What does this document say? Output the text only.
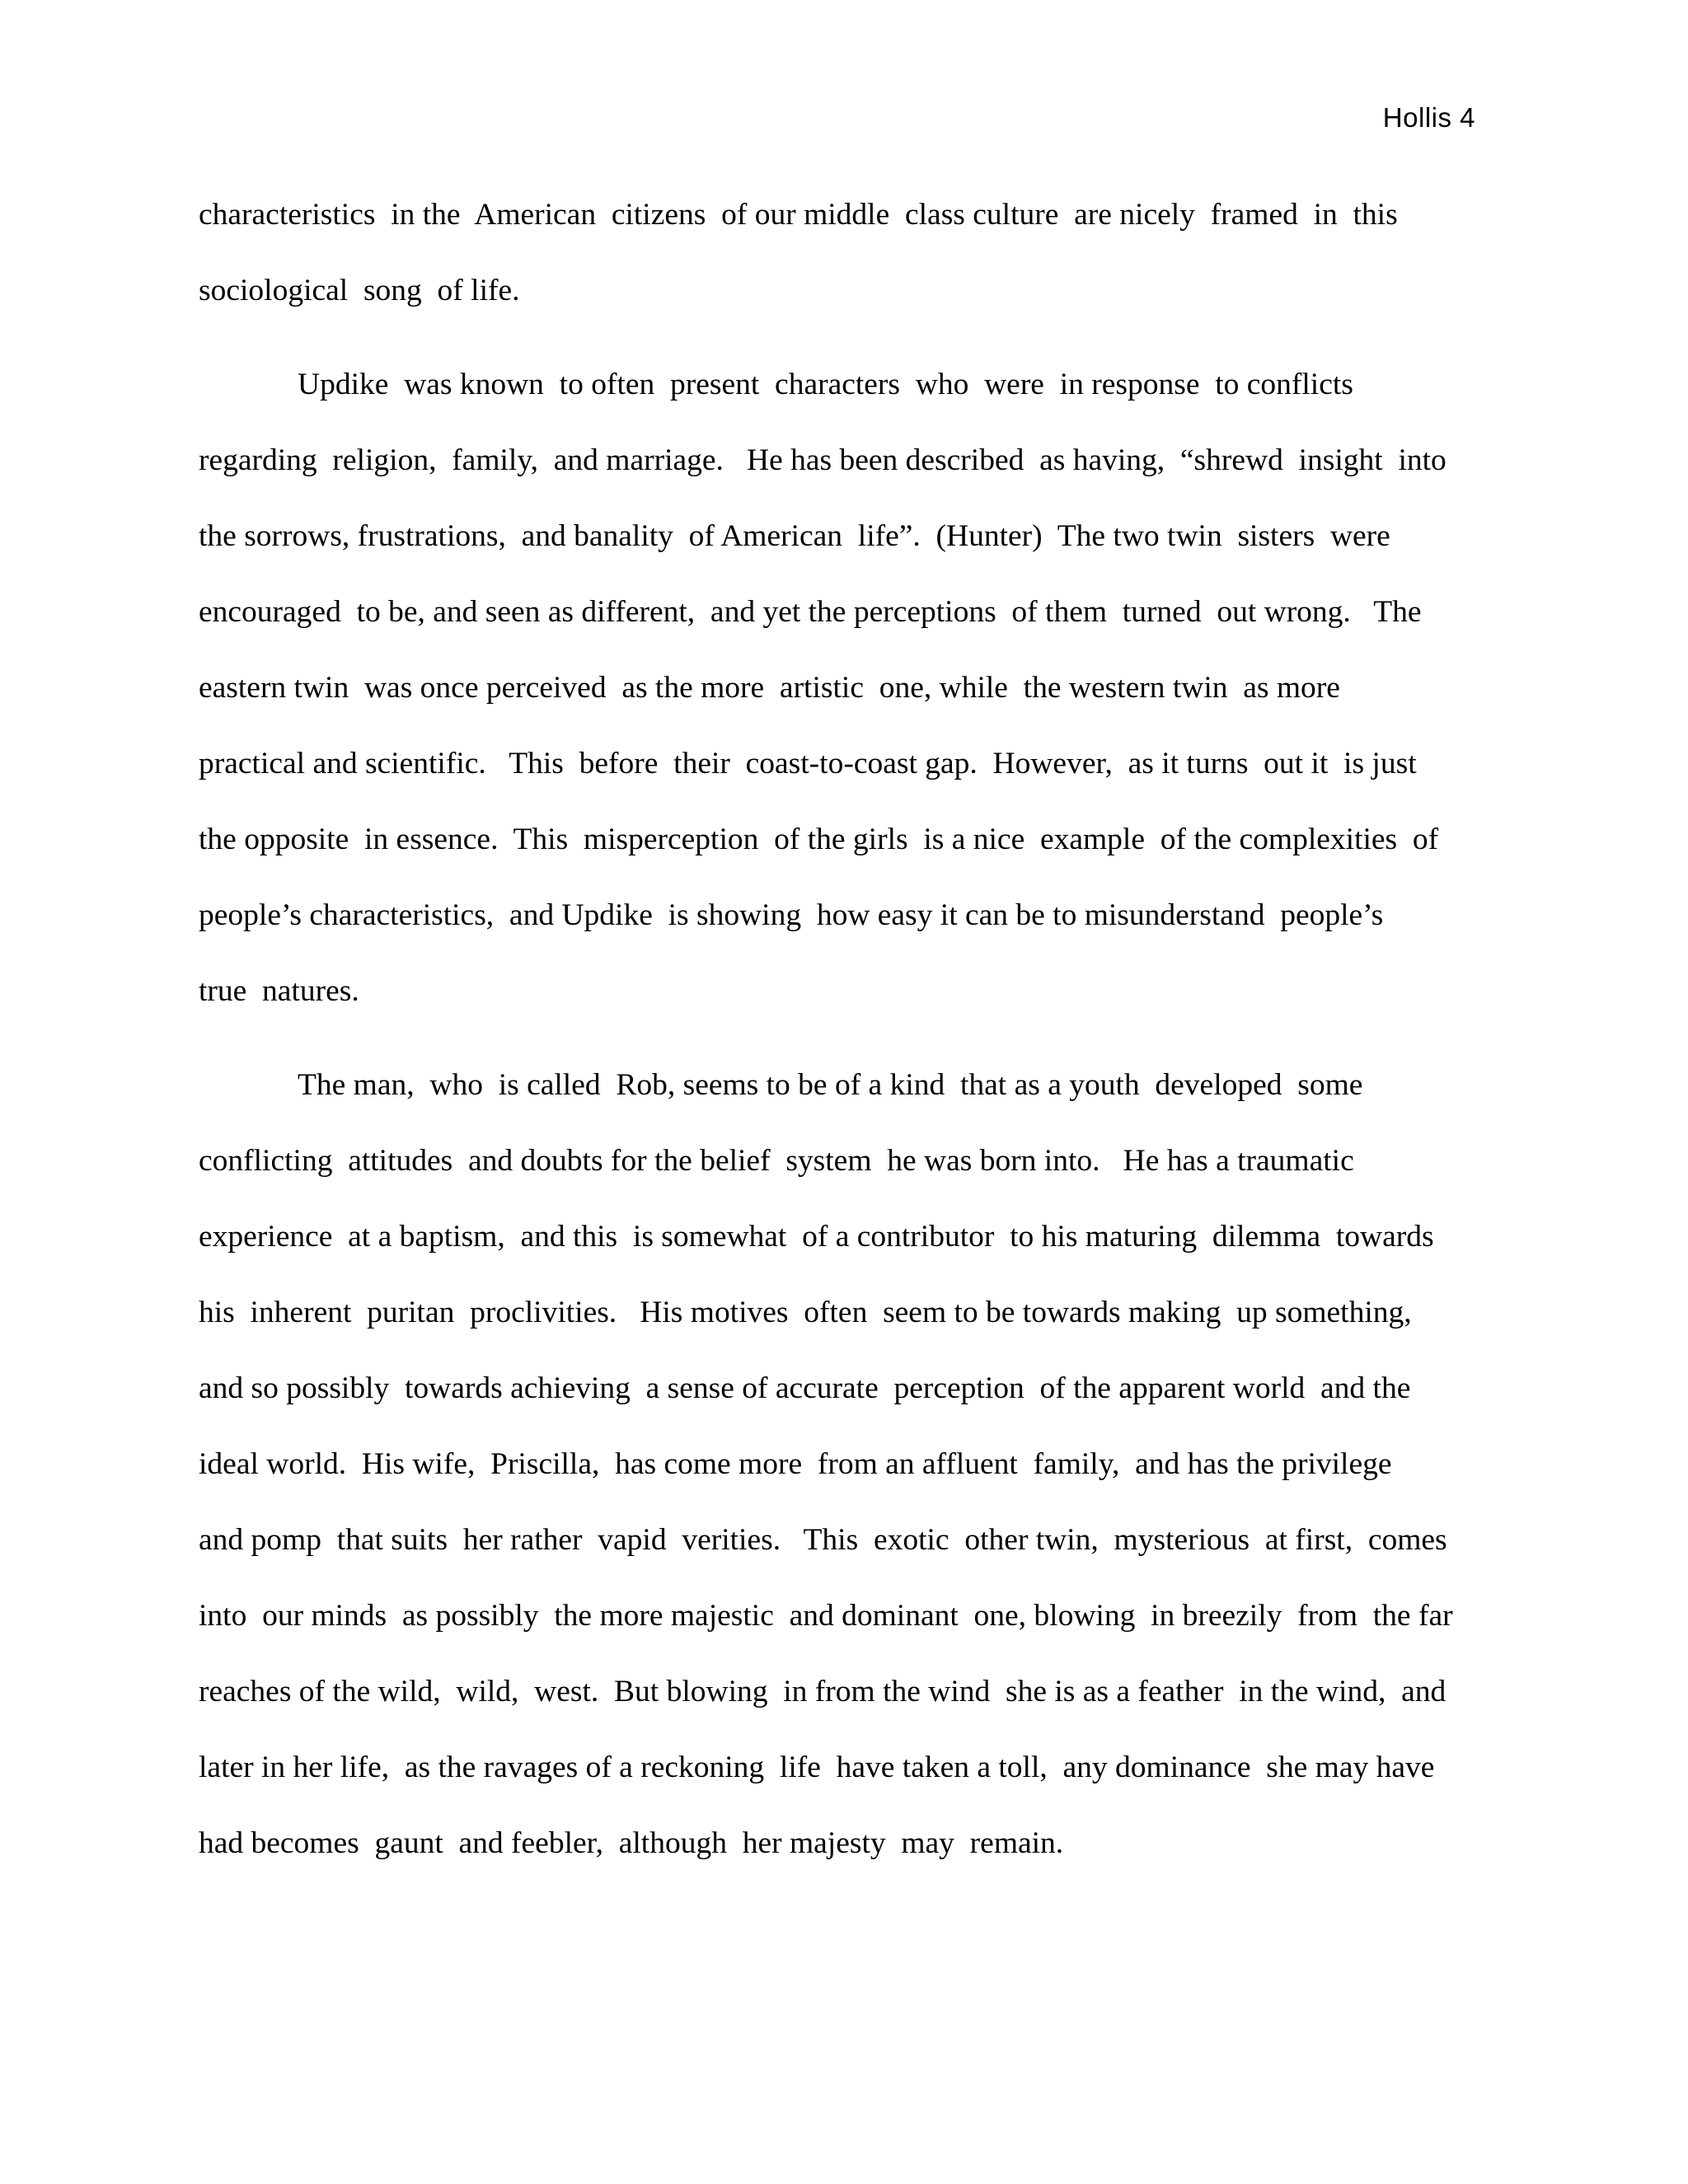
Hollis 4
characteristics  in the  American  citizens  of our middle  class culture  are nicely  framed  in  this
sociological  song  of life.
Updike  was known  to often  present  characters  who  were  in response  to conflicts
regarding  religion,  family,  and marriage.   He has been described  as having,  “shrewd  insight  into
the sorrows, frustrations,  and banality  of American  life”.  (Hunter)  The two twin  sisters  were
encouraged  to be, and seen as different,  and yet the perceptions  of them  turned  out wrong.   The
eastern twin  was once perceived  as the more  artistic  one, while  the western twin  as more
practical and scientific.   This  before  their  coast-to-coast gap.  However,  as it turns  out it  is just
the opposite  in essence.  This  misperception  of the girls  is a nice  example  of the complexities  of
people’s characteristics,  and Updike  is showing  how easy it can be to misunderstand  people’s
true  natures.
The man,  who  is called  Rob, seems to be of a kind  that as a youth  developed  some
conflicting  attitudes  and doubts for the belief  system  he was born into.   He has a traumatic
experience  at a baptism,  and this  is somewhat  of a contributor  to his maturing  dilemma  towards
his  inherent  puritan  proclivities.   His motives  often  seem to be towards making  up something,
and so possibly  towards achieving  a sense of accurate  perception  of the apparent world  and the
ideal world.  His wife,  Priscilla,  has come more  from an affluent  family,  and has the privilege
and pomp  that suits  her rather  vapid  verities.   This  exotic  other twin,  mysterious  at first,  comes
into  our minds  as possibly  the more majestic  and dominant  one, blowing  in breezily  from  the far
reaches of the wild,  wild,  west.  But blowing  in from the wind  she is as a feather  in the wind,  and
later in her life,  as the ravages of a reckoning  life  have taken a toll,  any dominance  she may have
had becomes  gaunt  and feebler,  although  her majesty  may  remain.
